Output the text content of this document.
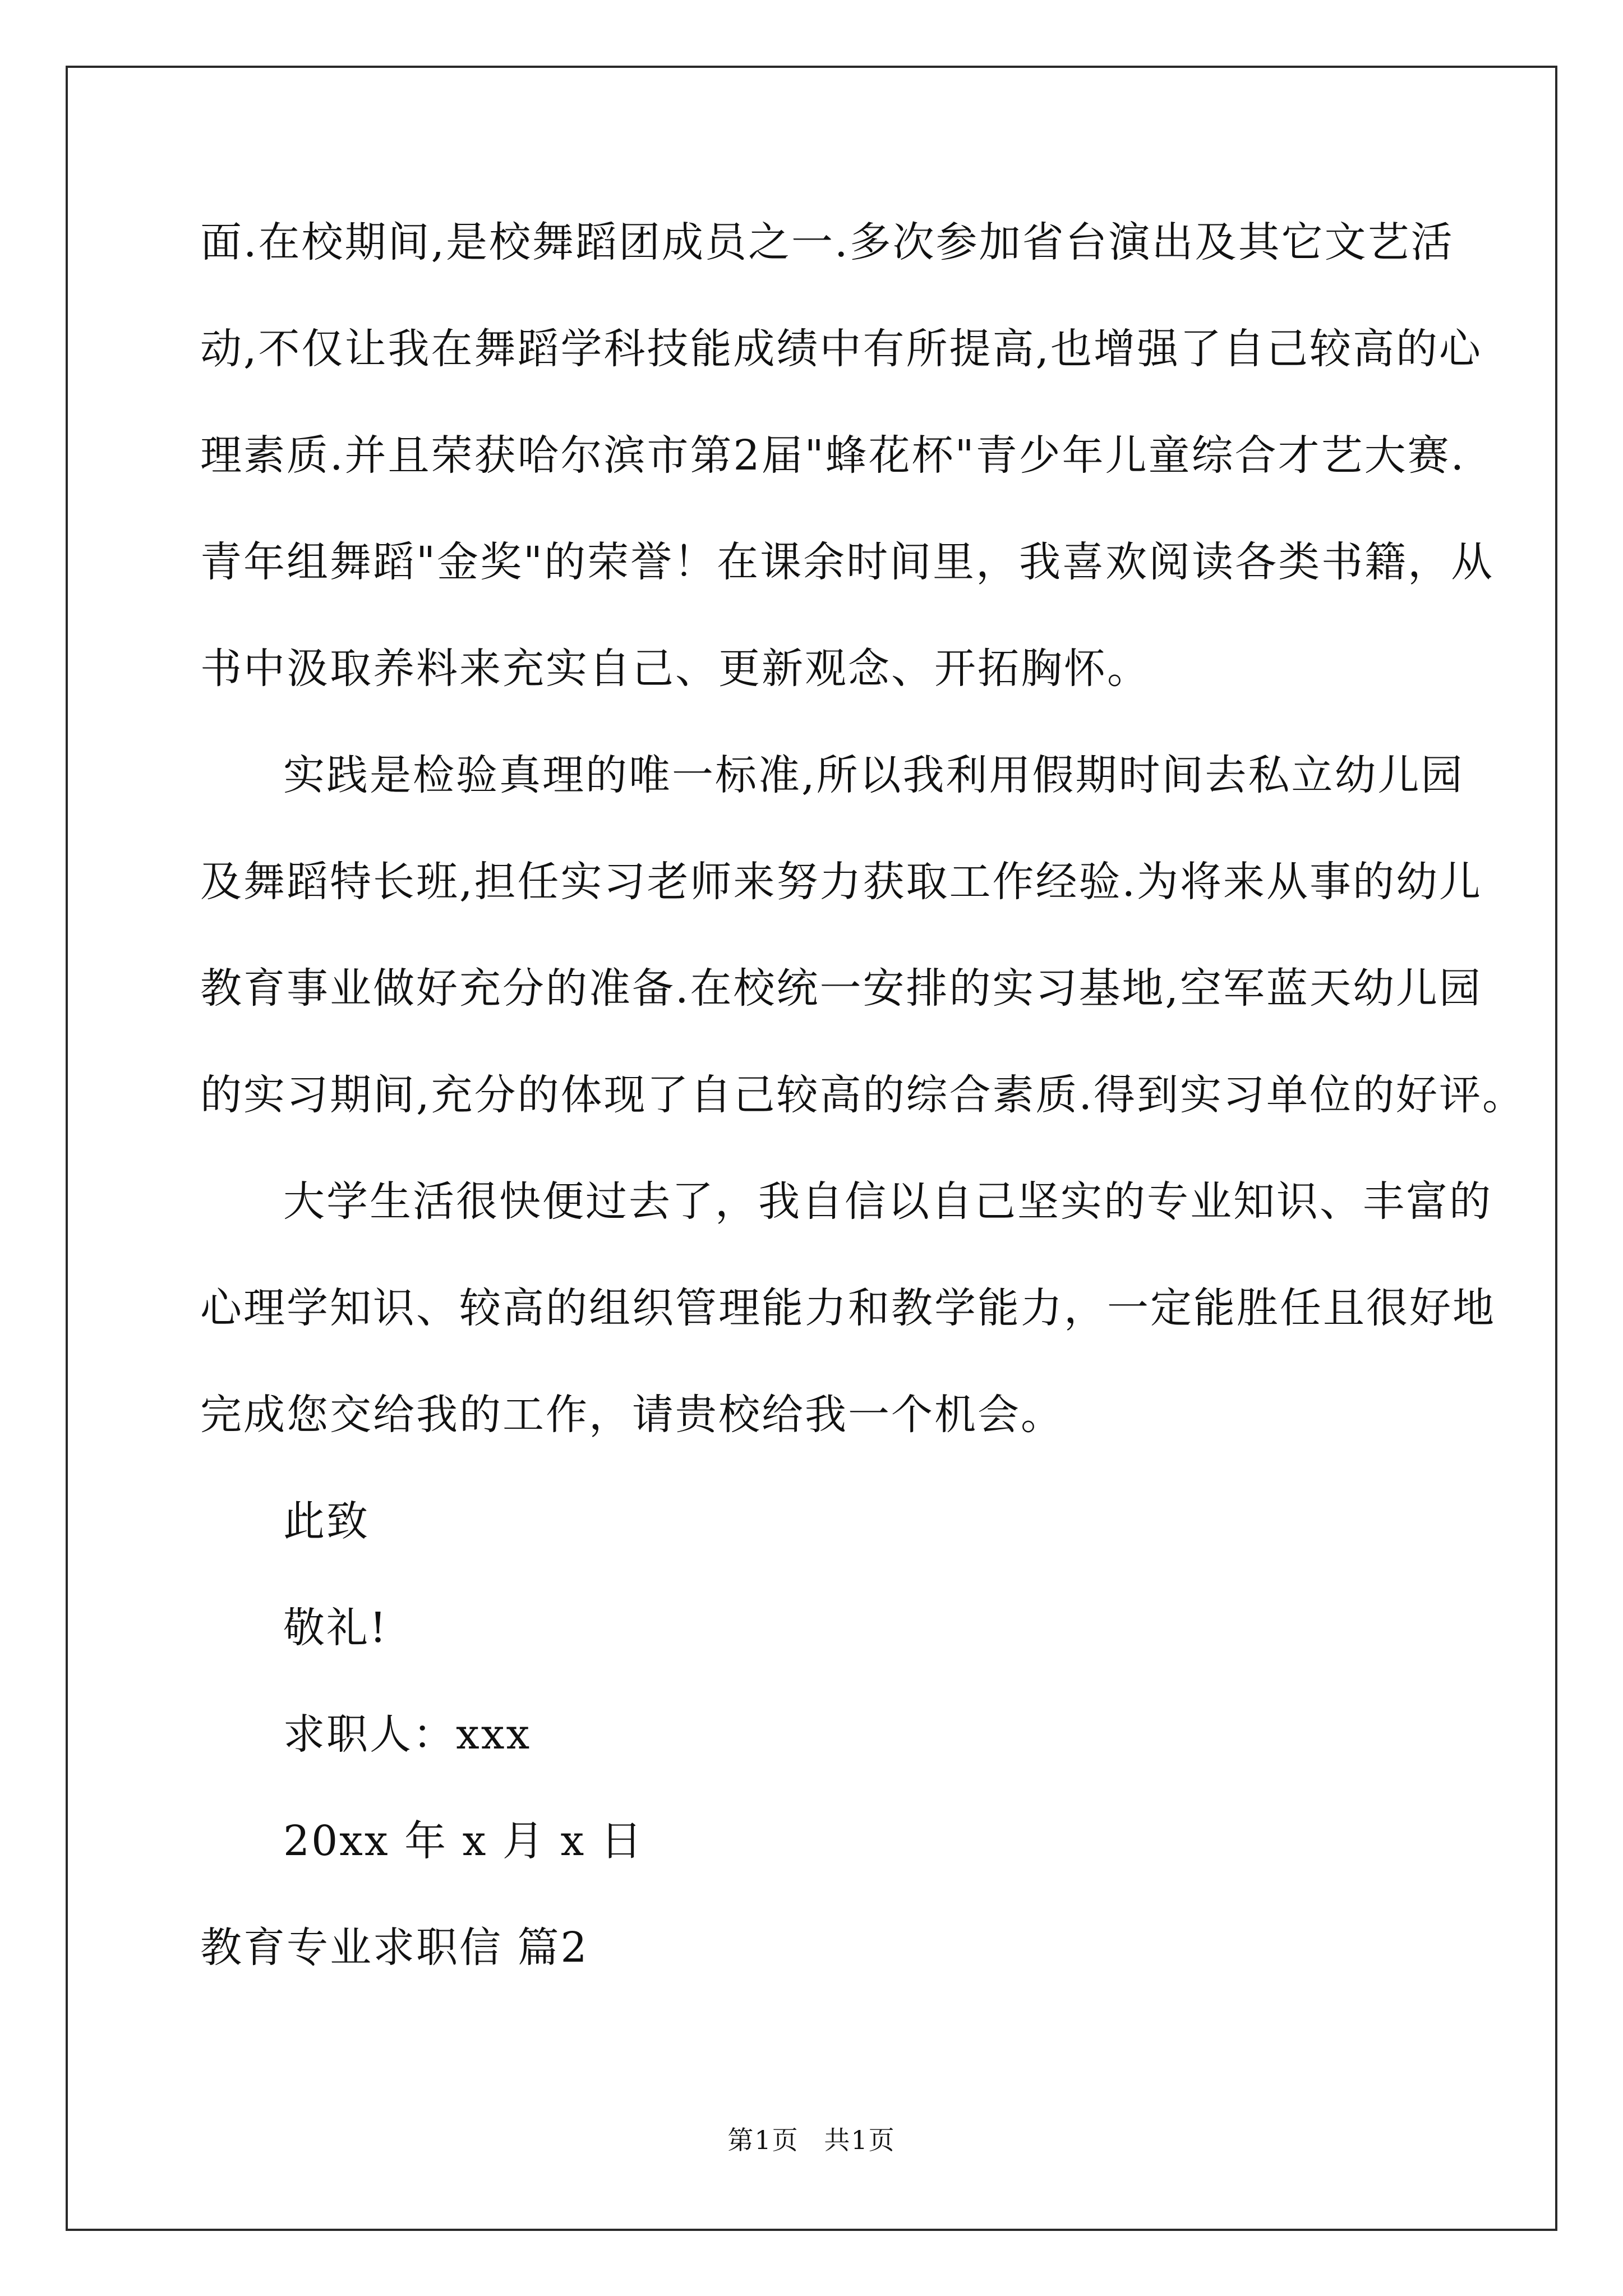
面.在校期间,是校舞蹈团成员之一.多次参加省台演出及其它文艺活
动,不仅让我在舞蹈学科技能成绩中有所提高,也增强了自己较高的心
理素质.并且荣获哈尔滨市第2届"蜂花杯"青少年儿童综合才艺大赛.
青年组舞蹈"金奖"的荣誉！在课余时间里，我喜欢阅读各类书籍，从
书中汲取养料来充实自己、更新观念、开拓胸怀。
实践是检验真理的唯一标准,所以我利用假期时间去私立幼儿园
及舞蹈特长班,担任实习老师来努力获取工作经验.为将来从事的幼儿
教育事业做好充分的准备.在校统一安排的实习基地,空军蓝天幼儿园
的实习期间,充分的体现了自己较高的综合素质.得到实习单位的好评。
大学生活很快便过去了，我自信以自己坚实的专业知识、丰富的
心理学知识、较高的组织管理能力和教学能力，一定能胜任且很好地
完成您交给我的工作，请贵校给我一个机会。
此致
敬礼!
求职人：xxx
20xx 年 x 月 x 日
教育专业求职信 篇2
第1页 共1页
